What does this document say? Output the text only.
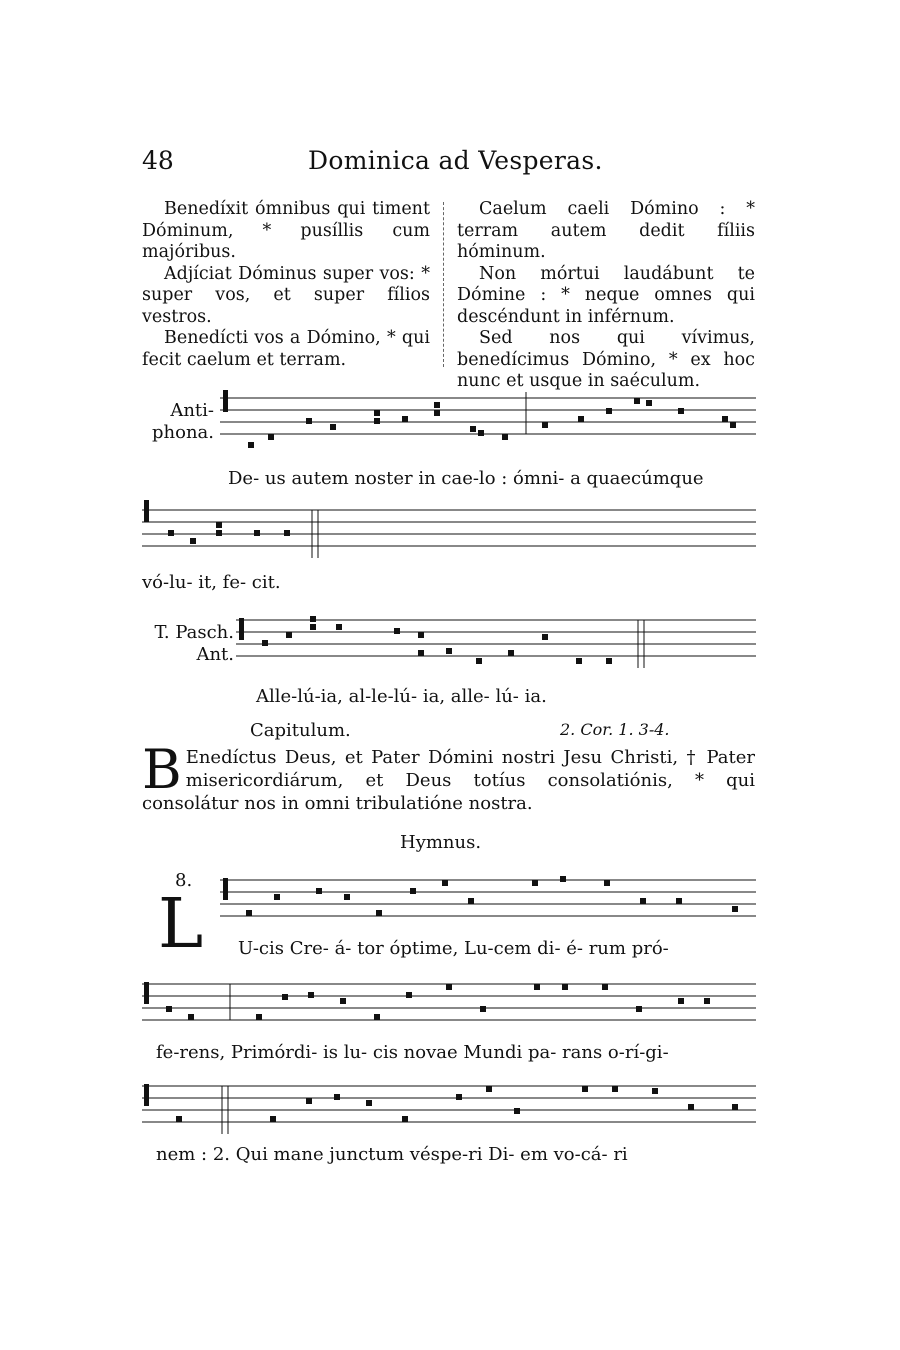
48	Dominica ad Vesperas.

Benedíxit ómnibus qui timent Dóminum, * pusíllis cum majóribus.

Adjíciat Dóminus super vos: * super vos, et super fílios vestros.

Benedícti vos a Dómino, * qui fecit caelum et terram.

Caelum caeli Dómino : * terram autem dedit fíliis hóminum.

Non mórtui laudábunt te Dómine : * neque omnes qui descéndunt in inférnum.

Sed nos qui vívimus, benedícimus Dómino, * ex hoc nunc et usque in saéculum.

Anti-
phona.
De- us autem noster in cae-lo : ómni- a quaecúmque
vó-lu- it, fe- cit.
T. Pasch.
Ant.
Alle-lú-ia, al-le-lú- ia, alle- lú- ia.
Capitulum.	2. Cor. 1. 3-4.
B Enedíctus Deus, et Pater Dómini nostri Jesu Christi, † Pater misericordiárum, et Deus totíus consolatiónis, * qui consolátur nos in omni tribulatióne nostra.
Hymnus.
8.
L U-cis Cre- á- tor óptime, Lu-cem di- é- rum pró-
fe-rens, Primórdi- is lu- cis novae Mundi pa- rans o-rí-gi-
nem : 2. Qui mane junctum véspe-ri Di- em vo-cá- ri
